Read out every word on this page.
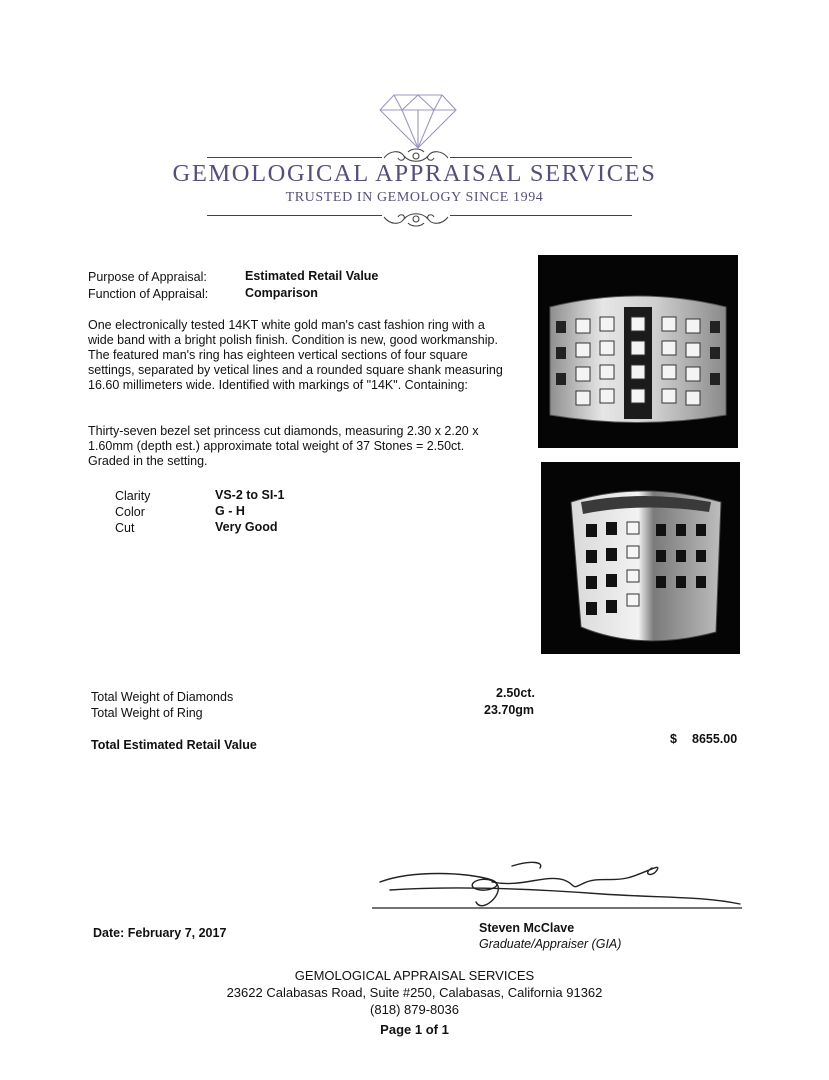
GEMOLOGICAL APPRAISAL SERVICES
TRUSTED IN GEMOLOGY SINCE 1994
Purpose of Appraisal:	Estimated Retail Value
Function of Appraisal:	Comparison
One electronically tested 14KT white gold man's cast fashion ring with a wide band with a bright polish finish. Condition is new, good workmanship. The featured man's ring has eighteen vertical sections of four square settings, separated by vetical lines and a rounded square shank measuring 16.60 millimeters wide. Identified with markings of "14K". Containing:
Thirty-seven bezel set princess cut diamonds, measuring 2.30 x 2.20 x 1.60mm (depth est.) approximate total weight of 37 Stones = 2.50ct. Graded in the setting.
Clarity	VS-2 to SI-1
Color	G - H
Cut	Very Good
Total Weight of Diamonds	2.50ct.
Total Weight of Ring	23.70gm
Total Estimated Retail Value	$ 8655.00
Date: February 7, 2017	Steven McClave
Graduate/Appraiser (GIA)
GEMOLOGICAL APPRAISAL SERVICES
23622 Calabasas Road, Suite #250, Calabasas, California 91362
(818) 879-8036
Page 1 of 1
